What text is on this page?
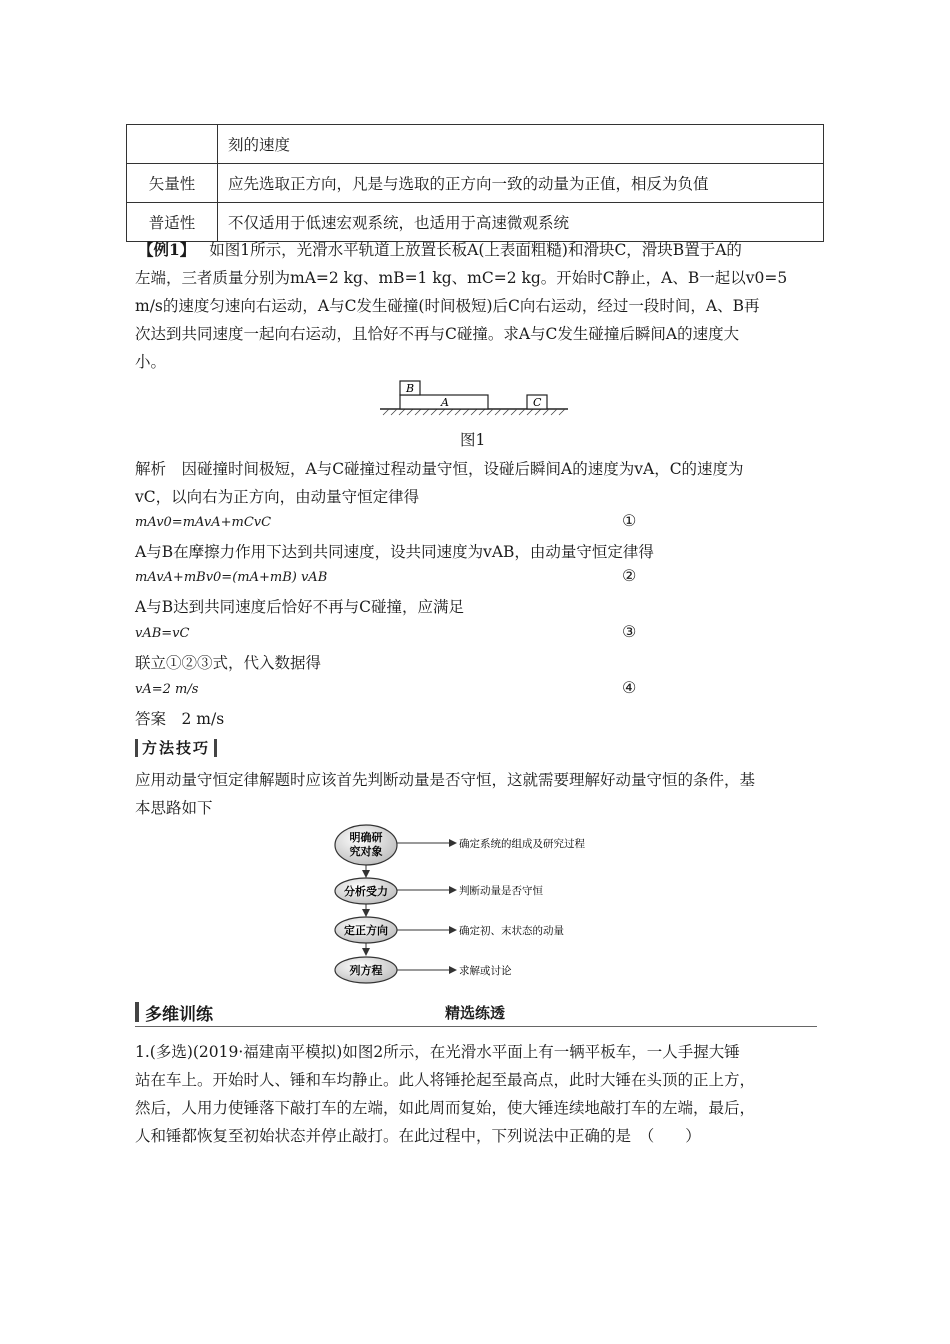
	刻的速度
矢量性	应先选取正方向，凡是与选取的正方向一致的动量为正值，相反为负值
普适性	不仅适用于低速宏观系统，也适用于高速微观系统
【例1】 如图1所示，光滑水平轨道上放置长板A(上表面粗糙)和滑块C，滑块B置于A的
左端，三者质量分别为mA=2 kg、mB=1 kg、mC=2 kg。开始时C静止，A、B一起以v0=5
m/s的速度匀速向右运动，A与C发生碰撞(时间极短)后C向右运动，经过一段时间，A、B再
次达到共同速度一起向右运动，且恰好不再与C碰撞。求A与C发生碰撞后瞬间A的速度大
小。
A
B
C
图1
解析　因碰撞时间极短，A与C碰撞过程动量守恒，设碰后瞬间A的速度为vA，C的速度为
vC，以向右为正方向，由动量守恒定律得
mAv0=mAvA+mCvC	①
A与B在摩擦力作用下达到共同速度，设共同速度为vAB，由动量守恒定律得
mAvA+mBv0=(mA+mB) vAB	②
A与B达到共同速度后恰好不再与C碰撞，应满足
vAB=vC	③
联立①②③式，代入数据得
vA=2 m/s	④
答案　2 m/s
方法技巧
应用动量守恒定律解题时应该首先判断动量是否守恒，这就需要理解好动量守恒的条件，基
本思路如下
明确研
究对象
确定系统的组成及研究过程
分析受力	判断动量是否守恒
定正方向	确定初、末状态的动量
列方程	求解或讨论
多维训练	精选练透
1.(多选)(2019·福建南平模拟)如图2所示，在光滑水平面上有一辆平板车，一人手握大锤
站在车上。开始时人、锤和车均静止。此人将锤抡起至最高点，此时大锤在头顶的正上方，
然后，人用力使锤落下敲打车的左端，如此周而复始，使大锤连续地敲打车的左端，最后，
人和锤都恢复至初始状态并停止敲打。在此过程中，下列说法中正确的是　（　　）
